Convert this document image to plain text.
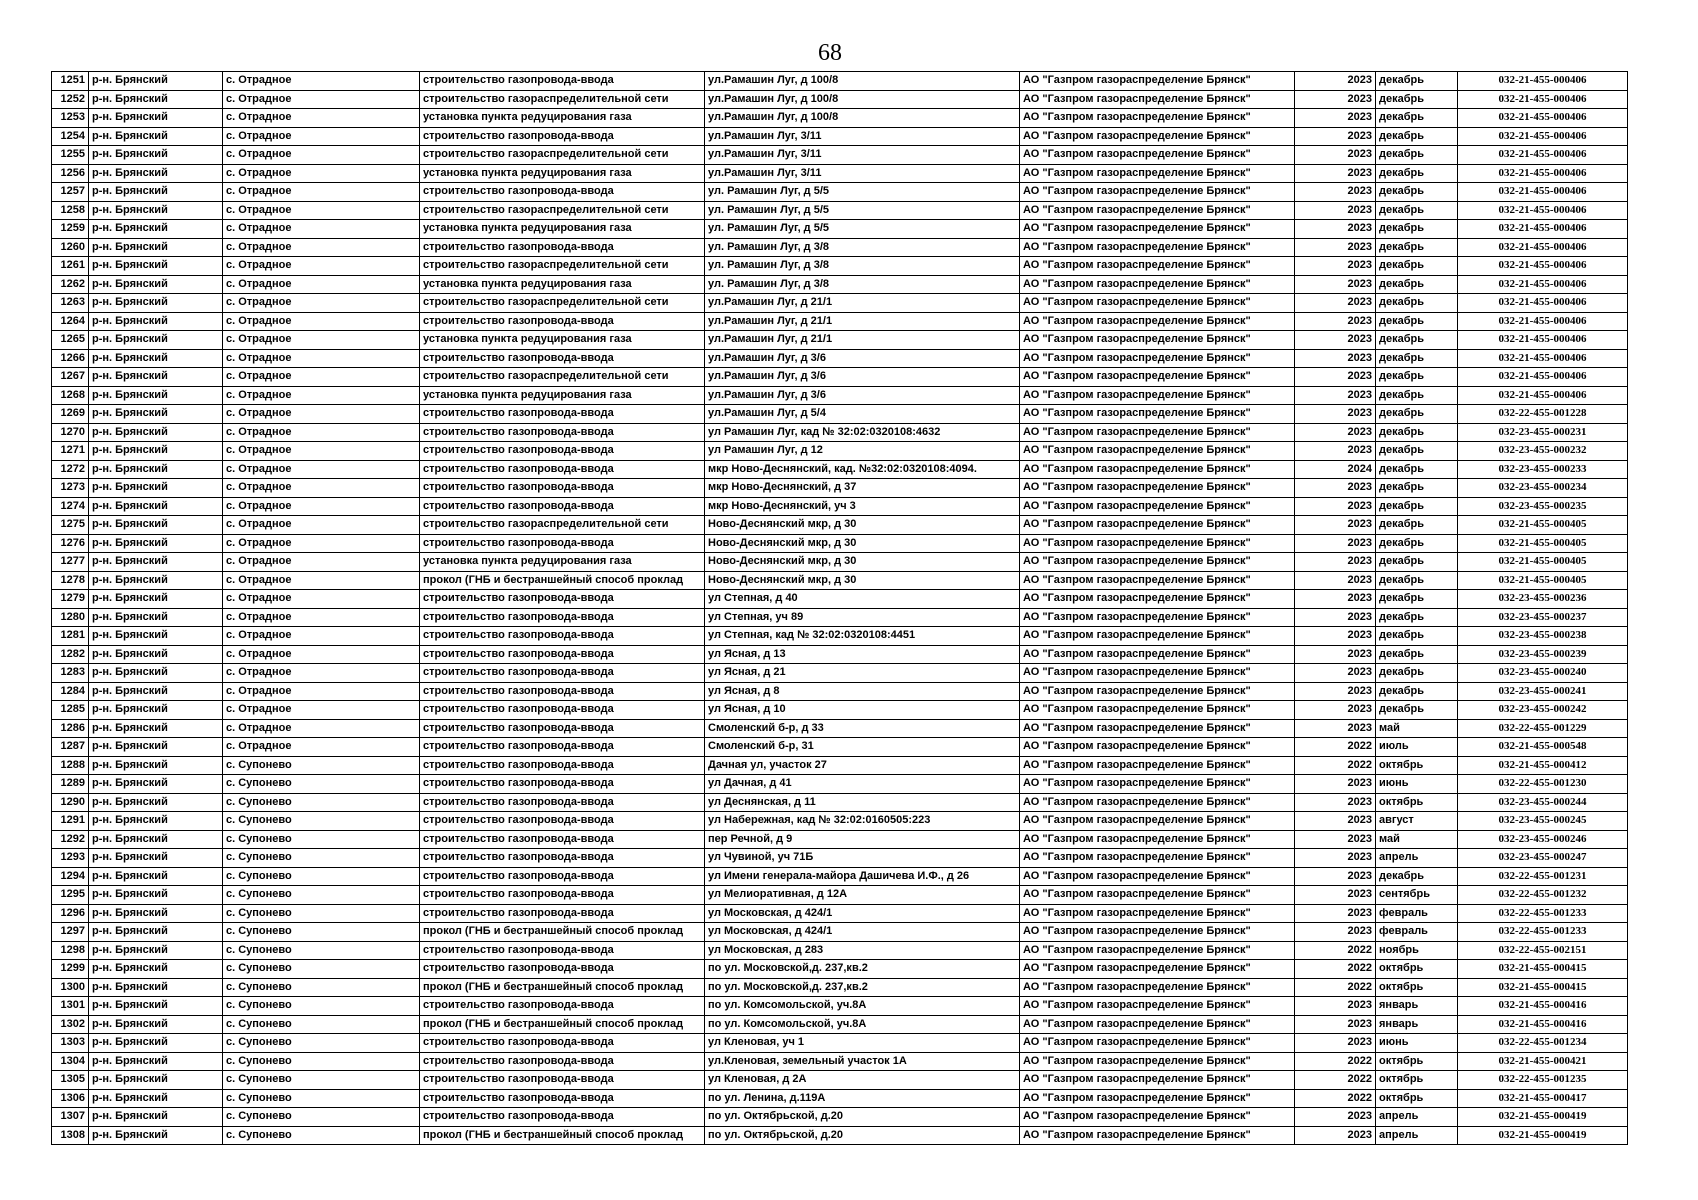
68
1251	р-н. Брянский	с. Отрадное	строительство газопровода-ввода	ул.Рамашин Луг, д 100/8	АО "Газпром газораспределение Брянск"	2023	декабрь	032-21-455-000406
1252	р-н. Брянский	с. Отрадное	строительство газораспределительной сети	ул.Рамашин Луг, д 100/8	АО "Газпром газораспределение Брянск"	2023	декабрь	032-21-455-000406
1253	р-н. Брянский	с. Отрадное	установка пункта редуцирования газа	ул.Рамашин Луг, д 100/8	АО "Газпром газораспределение Брянск"	2023	декабрь	032-21-455-000406
1254	р-н. Брянский	с. Отрадное	строительство газопровода-ввода	ул.Рамашин Луг, 3/11	АО "Газпром газораспределение Брянск"	2023	декабрь	032-21-455-000406
1255	р-н. Брянский	с. Отрадное	строительство газораспределительной сети	ул.Рамашин Луг, 3/11	АО "Газпром газораспределение Брянск"	2023	декабрь	032-21-455-000406
1256	р-н. Брянский	с. Отрадное	установка пункта редуцирования газа	ул.Рамашин Луг, 3/11	АО "Газпром газораспределение Брянск"	2023	декабрь	032-21-455-000406
1257	р-н. Брянский	с. Отрадное	строительство газопровода-ввода	ул. Рамашин Луг, д 5/5	АО "Газпром газораспределение Брянск"	2023	декабрь	032-21-455-000406
1258	р-н. Брянский	с. Отрадное	строительство газораспределительной сети	ул. Рамашин Луг, д 5/5	АО "Газпром газораспределение Брянск"	2023	декабрь	032-21-455-000406
1259	р-н. Брянский	с. Отрадное	установка пункта редуцирования газа	ул. Рамашин Луг, д 5/5	АО "Газпром газораспределение Брянск"	2023	декабрь	032-21-455-000406
1260	р-н. Брянский	с. Отрадное	строительство газопровода-ввода	ул. Рамашин Луг, д 3/8	АО "Газпром газораспределение Брянск"	2023	декабрь	032-21-455-000406
1261	р-н. Брянский	с. Отрадное	строительство газораспределительной сети	ул. Рамашин Луг, д 3/8	АО "Газпром газораспределение Брянск"	2023	декабрь	032-21-455-000406
1262	р-н. Брянский	с. Отрадное	установка пункта редуцирования газа	ул. Рамашин Луг, д 3/8	АО "Газпром газораспределение Брянск"	2023	декабрь	032-21-455-000406
1263	р-н. Брянский	с. Отрадное	строительство газораспределительной сети	ул.Рамашин Луг, д 21/1	АО "Газпром газораспределение Брянск"	2023	декабрь	032-21-455-000406
1264	р-н. Брянский	с. Отрадное	строительство газопровода-ввода	ул.Рамашин Луг, д 21/1	АО "Газпром газораспределение Брянск"	2023	декабрь	032-21-455-000406
1265	р-н. Брянский	с. Отрадное	установка пункта редуцирования газа	ул.Рамашин Луг, д 21/1	АО "Газпром газораспределение Брянск"	2023	декабрь	032-21-455-000406
1266	р-н. Брянский	с. Отрадное	строительство газопровода-ввода	ул.Рамашин Луг, д 3/6	АО "Газпром газораспределение Брянск"	2023	декабрь	032-21-455-000406
1267	р-н. Брянский	с. Отрадное	строительство газораспределительной сети	ул.Рамашин Луг, д 3/6	АО "Газпром газораспределение Брянск"	2023	декабрь	032-21-455-000406
1268	р-н. Брянский	с. Отрадное	установка пункта редуцирования газа	ул.Рамашин Луг, д 3/6	АО "Газпром газораспределение Брянск"	2023	декабрь	032-21-455-000406
1269	р-н. Брянский	с. Отрадное	строительство газопровода-ввода	ул.Рамашин Луг, д 5/4	АО "Газпром газораспределение Брянск"	2023	декабрь	032-22-455-001228
1270	р-н. Брянский	с. Отрадное	строительство газопровода-ввода	ул Рамашин Луг, кад № 32:02:0320108:4632	АО "Газпром газораспределение Брянск"	2023	декабрь	032-23-455-000231
1271	р-н. Брянский	с. Отрадное	строительство газопровода-ввода	ул Рамашин Луг, д 12	АО "Газпром газораспределение Брянск"	2023	декабрь	032-23-455-000232
1272	р-н. Брянский	с. Отрадное	строительство газопровода-ввода	мкр Ново-Деснянский, кад. №32:02:0320108:4094.	АО "Газпром газораспределение Брянск"	2024	декабрь	032-23-455-000233
1273	р-н. Брянский	с. Отрадное	строительство газопровода-ввода	мкр Ново-Деснянский, д 37	АО "Газпром газораспределение Брянск"	2023	декабрь	032-23-455-000234
1274	р-н. Брянский	с. Отрадное	строительство газопровода-ввода	мкр Ново-Деснянский, уч 3	АО "Газпром газораспределение Брянск"	2023	декабрь	032-23-455-000235
1275	р-н. Брянский	с. Отрадное	строительство газораспределительной сети	Ново-Деснянский мкр, д 30	АО "Газпром газораспределение Брянск"	2023	декабрь	032-21-455-000405
1276	р-н. Брянский	с. Отрадное	строительство газопровода-ввода	Ново-Деснянский мкр, д 30	АО "Газпром газораспределение Брянск"	2023	декабрь	032-21-455-000405
1277	р-н. Брянский	с. Отрадное	установка пункта редуцирования газа	Ново-Деснянский мкр, д 30	АО "Газпром газораспределение Брянск"	2023	декабрь	032-21-455-000405
1278	р-н. Брянский	с. Отрадное	прокол (ГНБ и бестраншейный способ проклад	Ново-Деснянский мкр, д 30	АО "Газпром газораспределение Брянск"	2023	декабрь	032-21-455-000405
1279	р-н. Брянский	с. Отрадное	строительство газопровода-ввода	ул Степная, д 40	АО "Газпром газораспределение Брянск"	2023	декабрь	032-23-455-000236
1280	р-н. Брянский	с. Отрадное	строительство газопровода-ввода	ул Степная, уч 89	АО "Газпром газораспределение Брянск"	2023	декабрь	032-23-455-000237
1281	р-н. Брянский	с. Отрадное	строительство газопровода-ввода	ул Степная, кад № 32:02:0320108:4451	АО "Газпром газораспределение Брянск"	2023	декабрь	032-23-455-000238
1282	р-н. Брянский	с. Отрадное	строительство газопровода-ввода	ул Ясная, д 13	АО "Газпром газораспределение Брянск"	2023	декабрь	032-23-455-000239
1283	р-н. Брянский	с. Отрадное	строительство газопровода-ввода	ул Ясная, д 21	АО "Газпром газораспределение Брянск"	2023	декабрь	032-23-455-000240
1284	р-н. Брянский	с. Отрадное	строительство газопровода-ввода	ул Ясная, д 8	АО "Газпром газораспределение Брянск"	2023	декабрь	032-23-455-000241
1285	р-н. Брянский	с. Отрадное	строительство газопровода-ввода	ул Ясная, д 10	АО "Газпром газораспределение Брянск"	2023	декабрь	032-23-455-000242
1286	р-н. Брянский	с. Отрадное	строительство газопровода-ввода	Смоленский б-р, д 33	АО "Газпром газораспределение Брянск"	2023	май	032-22-455-001229
1287	р-н. Брянский	с. Отрадное	строительство газопровода-ввода	Смоленский б-р, 31	АО "Газпром газораспределение Брянск"	2022	июль	032-21-455-000548
1288	р-н. Брянский	с. Супонево	строительство газопровода-ввода	Дачная ул, участок 27	АО "Газпром газораспределение Брянск"	2022	октябрь	032-21-455-000412
1289	р-н. Брянский	с. Супонево	строительство газопровода-ввода	ул Дачная, д 41	АО "Газпром газораспределение Брянск"	2023	июнь	032-22-455-001230
1290	р-н. Брянский	с. Супонево	строительство газопровода-ввода	ул Деснянская, д 11	АО "Газпром газораспределение Брянск"	2023	октябрь	032-23-455-000244
1291	р-н. Брянский	с. Супонево	строительство газопровода-ввода	ул Набережная, кад № 32:02:0160505:223	АО "Газпром газораспределение Брянск"	2023	август	032-23-455-000245
1292	р-н. Брянский	с. Супонево	строительство газопровода-ввода	пер Речной, д 9	АО "Газпром газораспределение Брянск"	2023	май	032-23-455-000246
1293	р-н. Брянский	с. Супонево	строительство газопровода-ввода	ул Чувиной, уч 71Б	АО "Газпром газораспределение Брянск"	2023	апрель	032-23-455-000247
1294	р-н. Брянский	с. Супонево	строительство газопровода-ввода	ул Имени генерала-майора Дашичева И.Ф., д 26	АО "Газпром газораспределение Брянск"	2023	декабрь	032-22-455-001231
1295	р-н. Брянский	с. Супонево	строительство газопровода-ввода	ул Мелиоративная, д 12А	АО "Газпром газораспределение Брянск"	2023	сентябрь	032-22-455-001232
1296	р-н. Брянский	с. Супонево	строительство газопровода-ввода	ул Московская, д 424/1	АО "Газпром газораспределение Брянск"	2023	февраль	032-22-455-001233
1297	р-н. Брянский	с. Супонево	прокол (ГНБ и бестраншейный способ проклад	ул Московская, д 424/1	АО "Газпром газораспределение Брянск"	2023	февраль	032-22-455-001233
1298	р-н. Брянский	с. Супонево	строительство газопровода-ввода	ул Московская, д 283	АО "Газпром газораспределение Брянск"	2022	ноябрь	032-22-455-002151
1299	р-н. Брянский	с. Супонево	строительство газопровода-ввода	по ул. Московской,д. 237,кв.2	АО "Газпром газораспределение Брянск"	2022	октябрь	032-21-455-000415
1300	р-н. Брянский	с. Супонево	прокол (ГНБ и бестраншейный способ проклад	по ул. Московской,д. 237,кв.2	АО "Газпром газораспределение Брянск"	2022	октябрь	032-21-455-000415
1301	р-н. Брянский	с. Супонево	строительство газопровода-ввода	по ул. Комсомольской, уч.8А	АО "Газпром газораспределение Брянск"	2023	январь	032-21-455-000416
1302	р-н. Брянский	с. Супонево	прокол (ГНБ и бестраншейный способ проклад	по ул. Комсомольской, уч.8А	АО "Газпром газораспределение Брянск"	2023	январь	032-21-455-000416
1303	р-н. Брянский	с. Супонево	строительство газопровода-ввода	ул Кленовая, уч 1	АО "Газпром газораспределение Брянск"	2023	июнь	032-22-455-001234
1304	р-н. Брянский	с. Супонево	строительство газопровода-ввода	ул.Кленовая, земельный участок 1А	АО "Газпром газораспределение Брянск"	2022	октябрь	032-21-455-000421
1305	р-н. Брянский	с. Супонево	строительство газопровода-ввода	ул Кленовая, д 2А	АО "Газпром газораспределение Брянск"	2022	октябрь	032-22-455-001235
1306	р-н. Брянский	с. Супонево	строительство газопровода-ввода	по ул. Ленина, д.119А	АО "Газпром газораспределение Брянск"	2022	октябрь	032-21-455-000417
1307	р-н. Брянский	с. Супонево	строительство газопровода-ввода	по ул. Октябрьской, д.20	АО "Газпром газораспределение Брянск"	2023	апрель	032-21-455-000419
1308	р-н. Брянский	с. Супонево	прокол (ГНБ и бестраншейный способ проклад	по ул. Октябрьской, д.20	АО "Газпром газораспределение Брянск"	2023	апрель	032-21-455-000419
